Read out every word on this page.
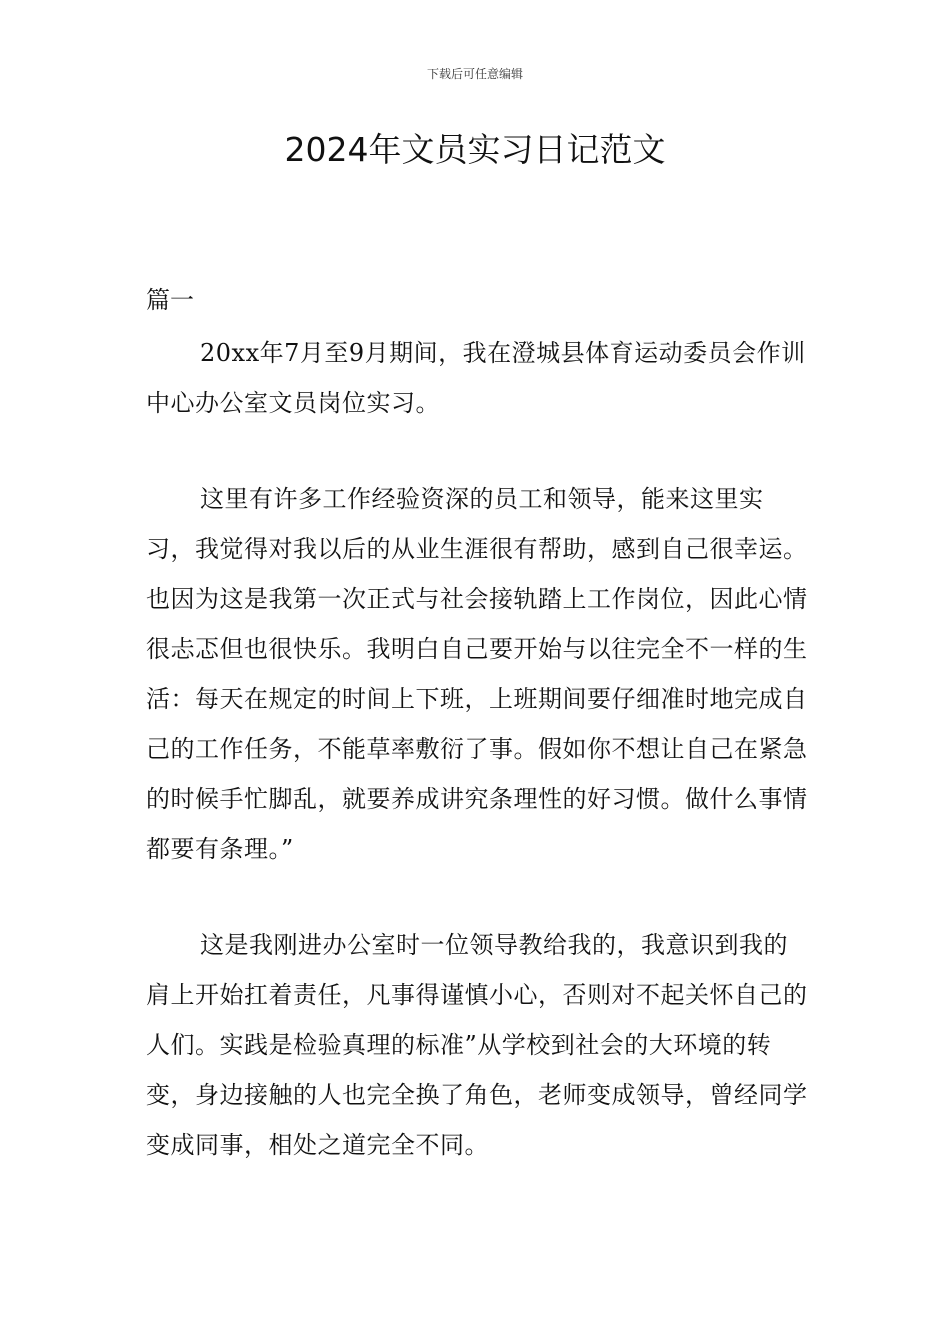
下载后可任意编辑
2024年文员实习日记范文
篇一

20xx年7月至9月期间，我在澄城县体育运动委员会作训中心办公室文员岗位实习。

这里有许多工作经验资深的员工和领导，能来这里实习，我觉得对我以后的从业生涯很有帮助，感到自己很幸运。也因为这是我第一次正式与社会接轨踏上工作岗位，因此心情很忐忑但也很快乐。我明白自己要开始与以往完全不一样的生活：每天在规定的时间上下班，上班期间要仔细准时地完成自己的工作任务，不能草率敷衍了事。假如你不想让自己在紧急的时候手忙脚乱，就要养成讲究条理性的好习惯。做什么事情都要有条理。”

这是我刚进办公室时一位领导教给我的，我意识到我的肩上开始扛着责任，凡事得谨慎小心，否则对不起关怀自己的人们。实践是检验真理的标准”从学校到社会的大环境的转变，身边接触的人也完全换了角色，老师变成领导，曾经同学变成同事，相处之道完全不同。
